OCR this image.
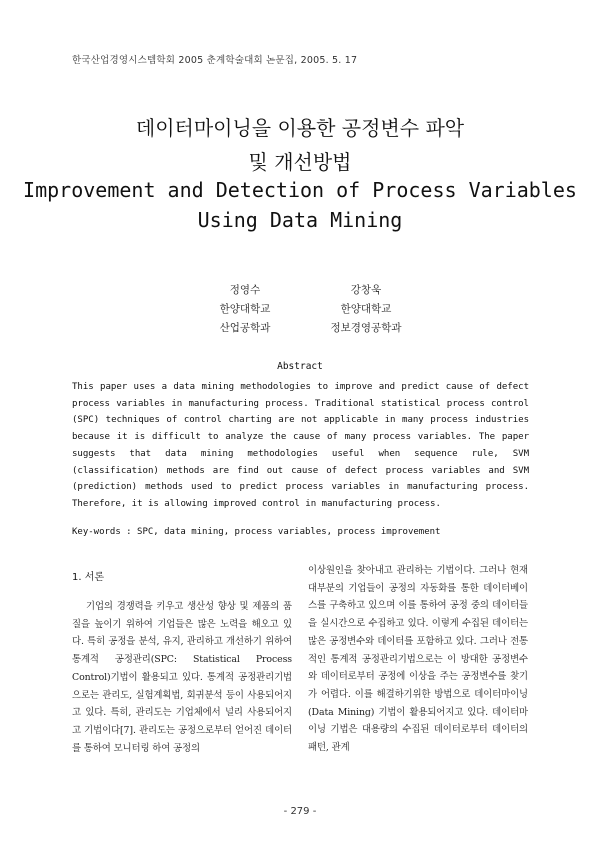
한국산업경영시스템학회 2005 춘계학술대회 논문집, 2005. 5. 17
데이터마이닝을 이용한 공정변수 파악
및 개선방법
Improvement and Detection of Process Variables
Using Data Mining
정영수
한양대학교
산업공학과
강창욱
한양대학교
정보경영공학과
Abstract
This paper uses a data mining methodologies to improve and predict cause of defect process variables in manufacturing process. Traditional statistical process control (SPC) techniques of control charting are not applicable in many process industries because it is difficult to analyze the cause of many process variables. The paper suggests that data mining methodologies useful when sequence rule, SVM (classification) methods are find out cause of defect process variables and SVM (prediction) methods used to predict process variables in manufacturing process. Therefore, it is allowing improved control in manufacturing process.
Key-words : SPC, data mining, process variables, process improvement
1. 서론
기업의 경쟁력을 키우고 생산성 향상 및 제품의 품질을 높이기 위하여 기업들은 많은 노력을 해오고 있다. 특히 공정을 분석, 유지, 관리하고 개선하기 위하여 통계적 공정관리(SPC: Statistical Process Control)기법이 활용되고 있다. 통계적 공정관리기법으로는 관리도, 실험계획법, 회귀분석 등이 사용되어지고 있다. 특히, 관리도는 기업체에서 널리 사용되어지고 기법이다[7]. 관리도는 공정으로부터 얻어진 데이터를 통하여 모니터링 하여 공정의
이상원인을 찾아내고 관리하는 기법이다. 그러나 현재 대부분의 기업들이 공정의 자동화를 통한 데이터베이스를 구축하고 있으며 이를 통하여 공정 중의 데이터들을 실시간으로 수집하고 있다. 이렇게 수집된 데이터는 많은 공정변수와 데이터를 포함하고 있다. 그러나 전통적인 통계적 공정관리기법으로는 이 방대한 공정변수와 데이터로부터 공정에 이상을 주는 공정변수를 찾기가 어렵다. 이를 해결하기위한 방법으로 데이터마이닝(Data Mining) 기법이 활용되어지고 있다. 데이터마이닝 기법은 대용량의 수집된 데이터로부터 데이터의 패턴, 관계
- 279 -
